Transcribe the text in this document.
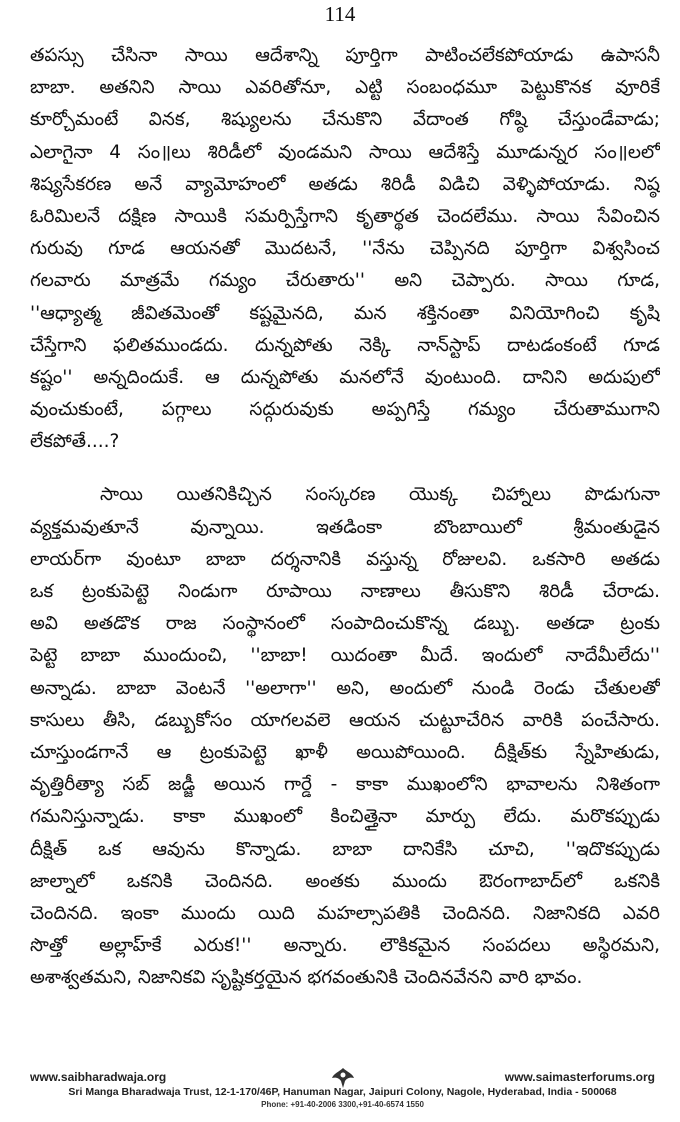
114
తపస్సు చేసినా సాయి ఆదేశాన్ని పూర్తిగా పాటించలేకపోయాడు ఉపాసనీ
బాబా. అతనిని సాయి ఎవరితోనూ, ఎట్టి సంబంధమూ పెట్టుకొనక వూరికే
కూర్చోమంటే వినక, శిష్యులను చేనుకొని వేదాంత గోష్ఠి చేస్తుండేవాడు;
ఎలాగైనా 4 సం॥లు శిరిడీలో వుండమని సాయి ఆదేశిస్తే మూడున్నర సం॥లలో
శిష్యసేకరణ అనే వ్యామోహంలో అతడు శిరిడీ విడిచి వెళ్ళిపోయాడు. నిష్ఠ
ఓరిమిలనే దక్షిణ సాయికి సమర్పిస్తేగాని కృతార్థత చెందలేము. సాయి సేవించిన
గురువు గూడ ఆయనతో మొదటనే, ''నేను చెప్పినది పూర్తిగా విశ్వసించ
గలవారు మాత్రమే గమ్యం చేరుతారు'' అని చెప్పారు. సాయి గూడ,
''ఆధ్యాత్మ జీవితమెంతో కష్టమైనది, మన శక్తినంతా వినియోగించి కృషి
చేస్తేగాని ఫలితముండదు. దున్నపోతు నెక్కి నాన్‌స్టాప్ దాటడంకంటే గూడ
కష్టం'' అన్నదిందుకే. ఆ దున్నపోతు మనలోనే వుంటుంది. దానిని అదుపులో
వుంచుకుంటే, పగ్గాలు సద్గురువుకు అప్పగిస్తే గమ్యం చేరుతాముగాని
లేకపోతే....?
సాయి యితనికిచ్చిన సంస్కరణ యొక్క చిహ్నాలు పొడుగునా
వ్యక్తమవుతూనే వున్నాయి. ఇతడింకా బొంబాయిలో శ్రీమంతుడైన
లాయర్‌గా వుంటూ బాబా దర్శనానికి వస్తున్న రోజులవి. ఒకసారి అతడు
ఒక ట్రంకుపెట్టె నిండుగా రూపాయి నాణాలు తీసుకొని శిరిడీ చేరాడు.
అవి అతడొక రాజ సంస్థానంలో సంపాదించుకొన్న డబ్బు. అతడా ట్రంకు
పెట్టె బాబా ముందుంచి, ''బాబా! యిదంతా మీదే. ఇందులో నాదేమీలేదు''
అన్నాడు. బాబా వెంటనే ''అలాగా'' అని, అందులో నుండి రెండు చేతులతో
కాసులు తీసి, డబ్బుకోసం యాగలవలె ఆయన చుట్టూచేరిన వారికి పంచేసారు.
చూస్తుండగానే ఆ ట్రంకుపెట్టె ఖాళీ అయిపోయింది. దీక్షిత్‌కు స్నేహితుడు,
వృత్తిరీత్యా సబ్ జడ్జీ అయిన గార్డే - కాకా ముఖంలోని భావాలను నిశితంగా
గమనిస్తున్నాడు. కాకా ముఖంలో కించిత్తైనా మార్పు లేదు. మరొకప్పుడు
దీక్షిత్ ఒక ఆవును కొన్నాడు. బాబా దానికేసి చూచి, ''ఇదొకప్పుడు
జాల్నాలో ఒకనికి చెందినది. అంతకు ముందు ఔరంగాబాద్‌లో ఒకనికి
చెందినది. ఇంకా ముందు యిది మహల్సాపతికి చెందినది. నిజానికది ఎవరి
సొత్తో అల్లాహ్‌కే ఎరుక!'' అన్నారు. లౌకికమైన సంపదలు అస్థిరమని,
అశాశ్వతమని, నిజానికవి సృష్టికర్తయైన భగవంతునికి చెందినవేనని వారి భావం.
www.saibharadwaja.org	www.saimasterforums.org
Sri Manga Bharadwaja Trust, 12-1-170/46P, Hanuman Nagar, Jaipuri Colony, Nagole, Hyderabad, India - 500068
Phone: +91-40-2006 3300,+91-40-6574 1550
